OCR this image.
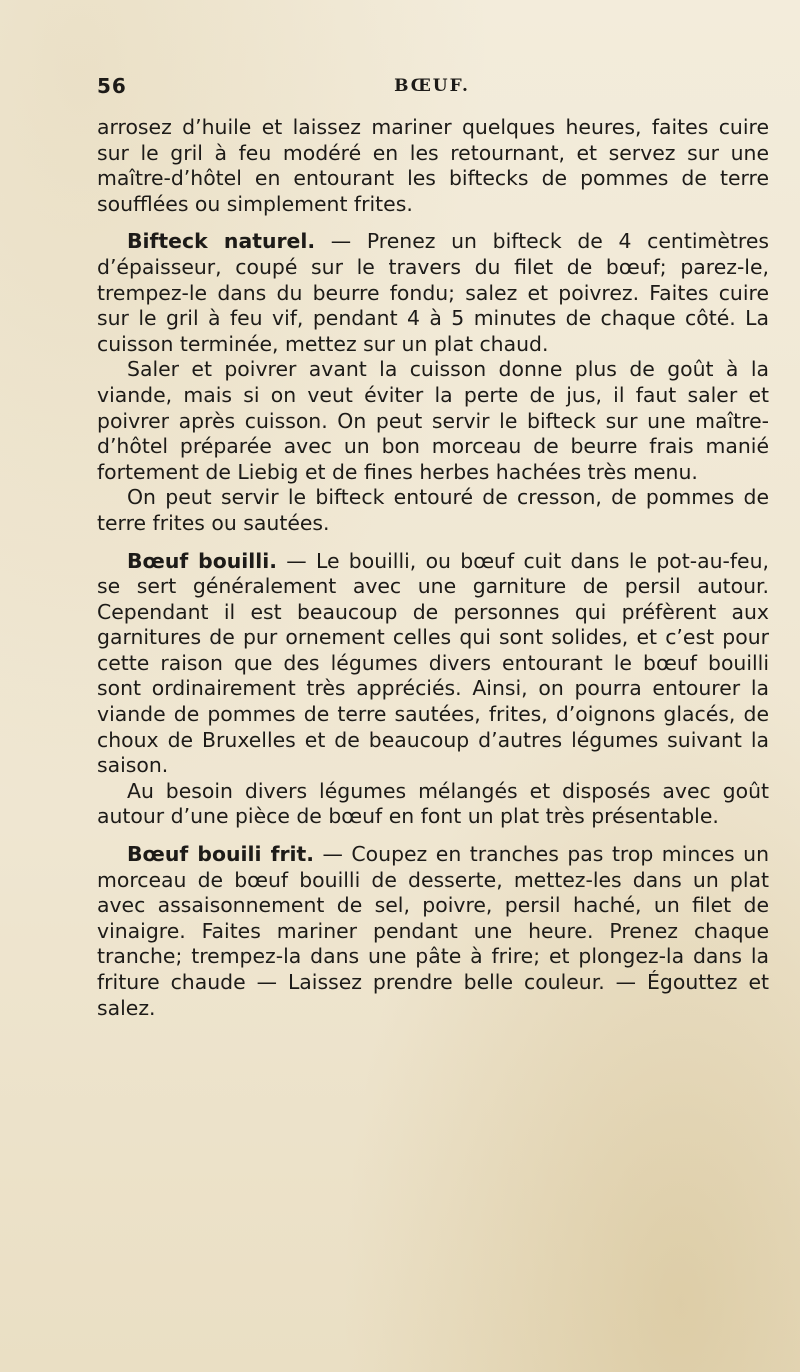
56	BŒUF.

arrosez d’huile et laissez mariner quelques heures, faites cuire sur le gril à feu modéré en les retournant, et servez sur une maître-d’hôtel en entourant les biftecks de pommes de terre soufflées ou simplement frites.

Bifteck naturel. — Prenez un bifteck de 4 centimètres d’épaisseur, coupé sur le travers du filet de bœuf; parez-le, trempez-le dans du beurre fondu; salez et poivrez. Faites cuire sur le gril à feu vif, pendant 4 à 5 minutes de chaque côté. La cuisson terminée, mettez sur un plat chaud.

Saler et poivrer avant la cuisson donne plus de goût à la viande, mais si on veut éviter la perte de jus, il faut saler et poivrer après cuisson. On peut servir le bifteck sur une maître-d’hôtel préparée avec un bon morceau de beurre frais manié fortement de Liebig et de fines herbes hachées très menu.

On peut servir le bifteck entouré de cresson, de pommes de terre frites ou sautées.

Bœuf bouilli. — Le bouilli, ou bœuf cuit dans le pot-au-feu, se sert généralement avec une garniture de persil autour. Cependant il est beaucoup de personnes qui préfèrent aux garnitures de pur ornement celles qui sont solides, et c’est pour cette raison que des légumes divers entourant le bœuf bouilli sont ordinairement très appréciés. Ainsi, on pourra entourer la viande de pommes de terre sautées, frites, d’oignons glacés, de choux de Bruxelles et de beaucoup d’autres légumes suivant la saison.

Au besoin divers légumes mélangés et disposés avec goût autour d’une pièce de bœuf en font un plat très présentable.

Bœuf bouili frit. — Coupez en tranches pas trop minces un morceau de bœuf bouilli de desserte, mettez-les dans un plat avec assaisonnement de sel, poivre, persil haché, un filet de vinaigre. Faites mariner pendant une heure. Prenez chaque tranche; trempez-la dans une pâte à frire; et plongez-la dans la friture chaude — Laissez prendre belle couleur. — Égouttez et salez.
